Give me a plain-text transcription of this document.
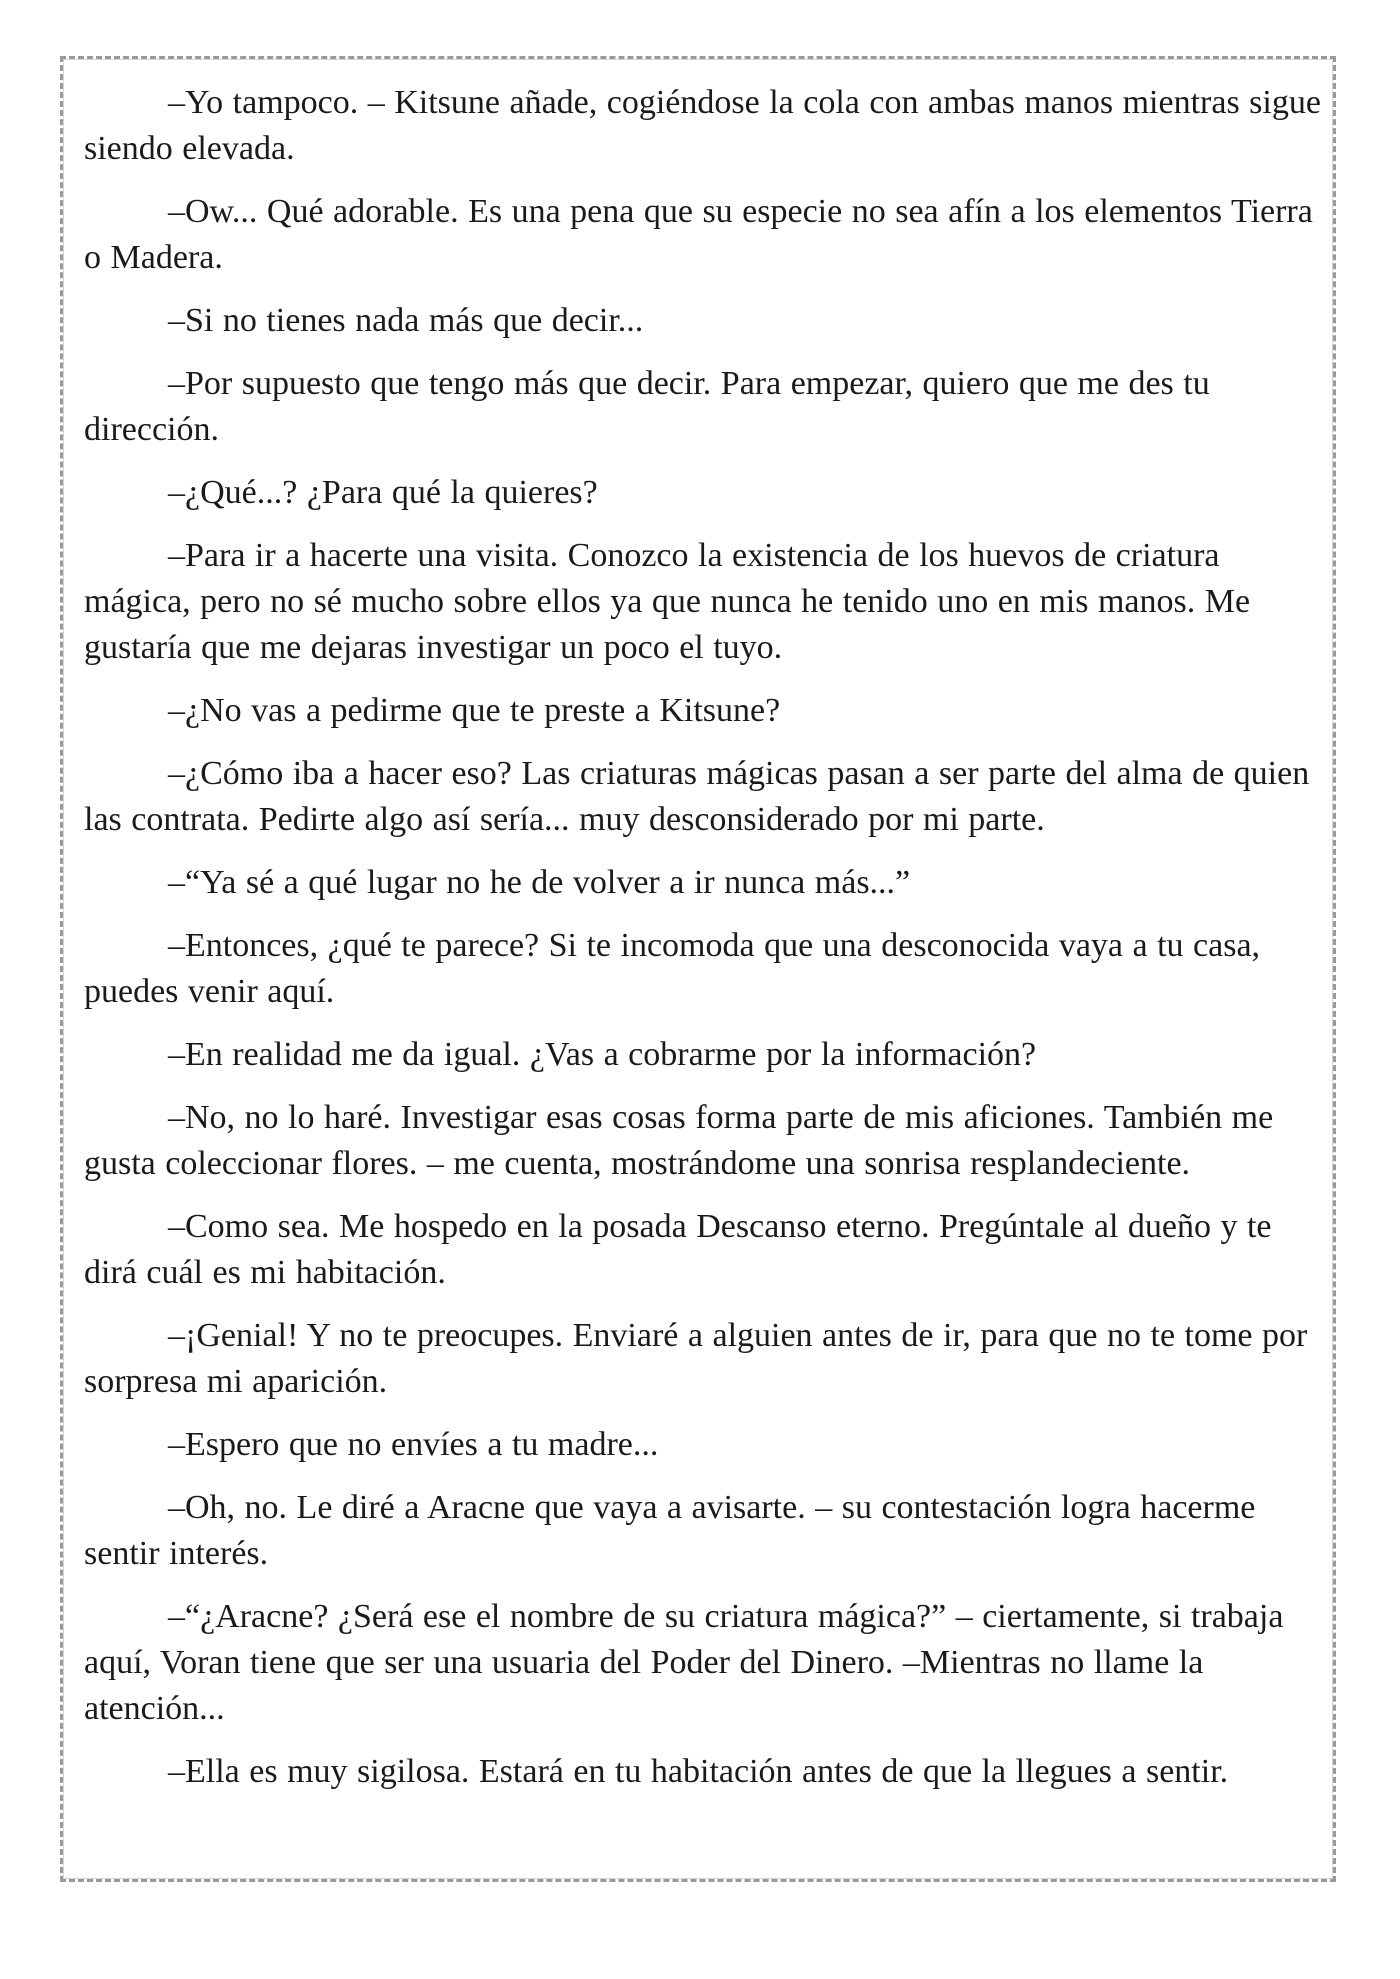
–Yo tampoco. – Kitsune añade, cogiéndose la cola con ambas manos mientras sigue siendo elevada.

–Ow... Qué adorable. Es una pena que su especie no sea afín a los elementos Tierra o Madera.

–Si no tienes nada más que decir...

–Por supuesto que tengo más que decir. Para empezar, quiero que me des tu dirección.

–¿Qué...? ¿Para qué la quieres?

–Para ir a hacerte una visita. Conozco la existencia de los huevos de criatura mágica, pero no sé mucho sobre ellos ya que nunca he tenido uno en mis manos. Me gustaría que me dejaras investigar un poco el tuyo.

–¿No vas a pedirme que te preste a Kitsune?

–¿Cómo iba a hacer eso? Las criaturas mágicas pasan a ser parte del alma de quien las contrata. Pedirte algo así sería... muy desconsiderado por mi parte.

–“Ya sé a qué lugar no he de volver a ir nunca más...”

–Entonces, ¿qué te parece? Si te incomoda que una desconocida vaya a tu casa, puedes venir aquí.

–En realidad me da igual. ¿Vas a cobrarme por la información?

–No, no lo haré. Investigar esas cosas forma parte de mis aficiones. También me gusta coleccionar flores. – me cuenta, mostrándome una sonrisa resplandeciente.

–Como sea. Me hospedo en la posada Descanso eterno. Pregúntale al dueño y te dirá cuál es mi habitación.

–¡Genial! Y no te preocupes. Enviaré a alguien antes de ir, para que no te tome por sorpresa mi aparición.

–Espero que no envíes a tu madre...

–Oh, no. Le diré a Aracne que vaya a avisarte. – su contestación logra hacerme sentir interés.

–“¿Aracne? ¿Será ese el nombre de su criatura mágica?” – ciertamente, si trabaja aquí, Voran tiene que ser una usuaria del Poder del Dinero. –Mientras no llame la atención...

–Ella es muy sigilosa. Estará en tu habitación antes de que la llegues a sentir.
